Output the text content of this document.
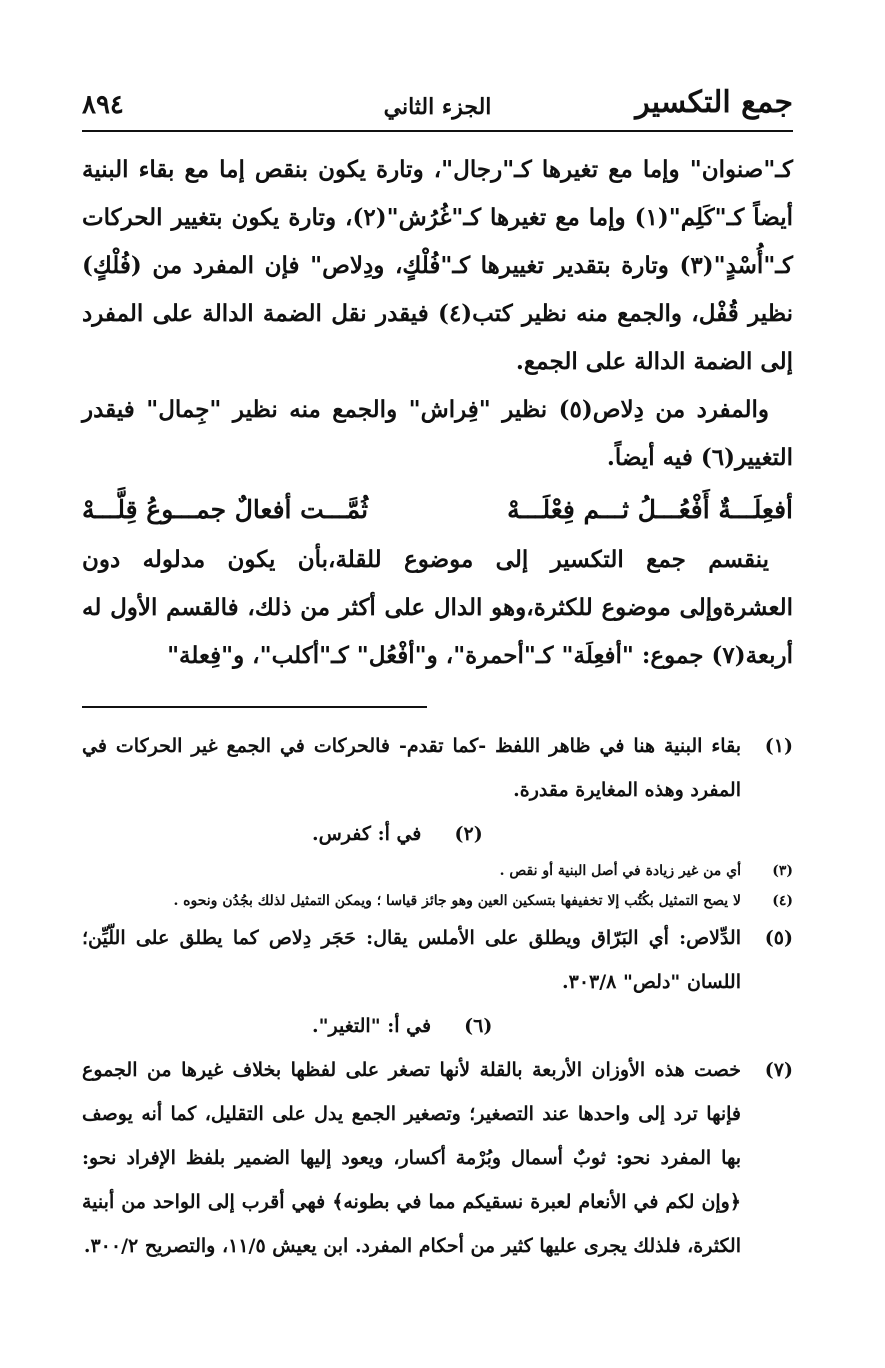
جمع التكسير
الجزء الثاني
٨٩٤

كـ"صنوان" وإما مع تغيرها كـ"رجال"، وتارة يكون بنقص إما مع بقاء البنية أيضاً كـ"كَلِم"(١) وإما مع تغيرها كـ"غُرُش"(٢)، وتارة يكون بتغيير الحركات كـ"أُسْدٍ"(٣) وتارة بتقدير تغييرها كـ"فُلْكٍ، ودِلاص" فإن المفرد من (فُلْكٍ) نظير قُفْل، والجمع منه نظير كتب(٤) فيقدر نقل الضمة الدالة على المفرد إلى الضمة الدالة على الجمع.

والمفرد من دِلاص(٥) نظير "فِراش" والجمع منه نظير "جِمال" فيقدر التغيير(٦) فيه أيضاً.

أفعِلَـــةٌ أَفْعُـــلُ ثـــم فِعْلَـــهْ
ثُمَّـــت أفعالٌ جمـــوعُ قِلَّـــهْ

ينقسم جمع التكسير إلى موضوع للقلة،بأن يكون مدلوله دون العشرةوإلى موضوع للكثرة،وهو الدال على أكثر من ذلك، فالقسم الأول له أربعة(٧) جموع: "أفعِلَة" كـ"أحمرة"، و"أفْعُل" كـ"أكلب"، و"فِعلة"

(١)
بقاء البنية هنا في ظاهر اللفظ -كما تقدم- فالحركات في الجمع غير الحركات في المفرد وهذه المغايرة مقدرة.
(٢)     في أ: كفرس.
(٣)
أي من غير زيادة في أصل البنية أو نقص .
(٤)
لا يصح التمثيل بكُتُب إلا تخفيفها بتسكين العين وهو جائز قياسا ؛ ويمكن التمثيل لذلك بجُدُن ونحوه .
(٥)
الدِّلاص: أي البَرّاق ويطلق على الأملس يقال: حَجَر دِلاص كما يطلق على اللّيِّن؛ اللسان "دلص" ٣٠٣/٨.
(٦)     في أ: "التغير".
(٧)
خصت هذه الأوزان الأربعة بالقلة لأنها تصغر على لفظها بخلاف غيرها من الجموع فإنها ترد إلى واحدها عند التصغير؛ وتصغير الجمع يدل على التقليل، كما أنه يوصف بها المفرد نحو: ثوبٌ أسمال وبُرْمة أكسار، ويعود إليها الضمير بلفظ الإفراد نحو: ﴿وإن لكم في الأنعام لعبرة نسقيكم مما في بطونه﴾ فهي أقرب إلى الواحد من أبنية الكثرة، فلذلك يجرى عليها كثير من أحكام المفرد. ابن يعيش ١١/٥، والتصريح ٣٠٠/٢.
